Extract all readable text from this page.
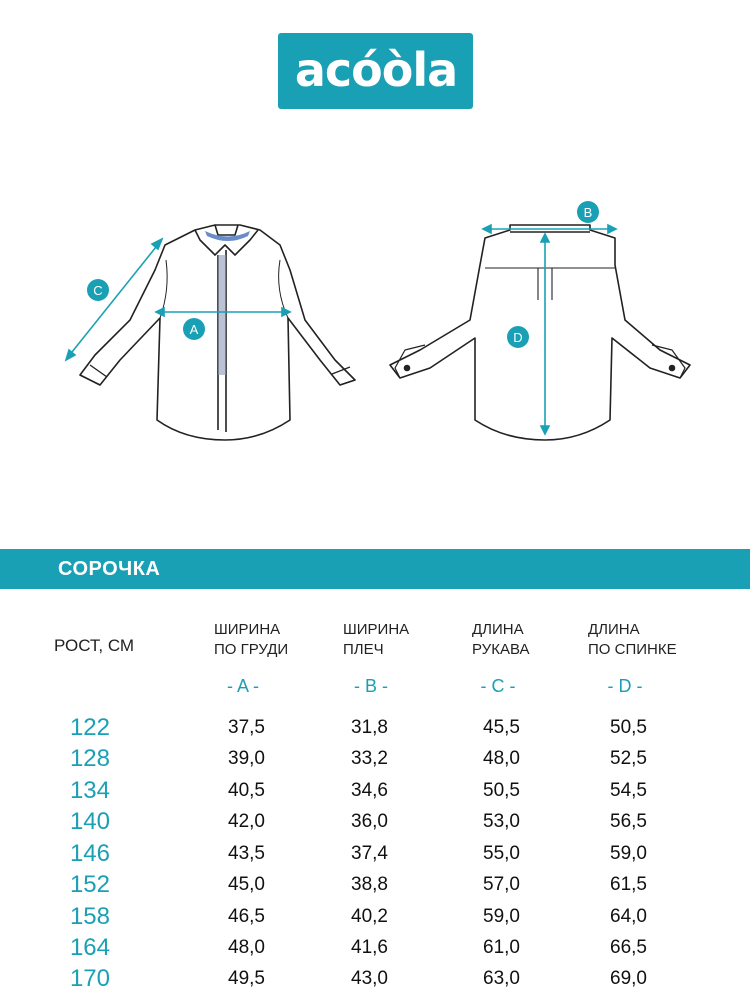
acóòla
C
A
B
D
СОРОЧКА
РОСТ, СМ
ШИРИНА
ПО ГРУДИ
ШИРИНА
ПЛЕЧ
ДЛИНА
РУКАВА
ДЛИНА
ПО СПИНКЕ
- A -	- B -	- C -	- D -
122	37,5	31,8	45,5	50,5
128	39,0	33,2	48,0	52,5
134	40,5	34,6	50,5	54,5
140	42,0	36,0	53,0	56,5
146	43,5	37,4	55,0	59,0
152	45,0	38,8	57,0	61,5
158	46,5	40,2	59,0	64,0
164	48,0	41,6	61,0	66,5
170	49,5	43,0	63,0	69,0
